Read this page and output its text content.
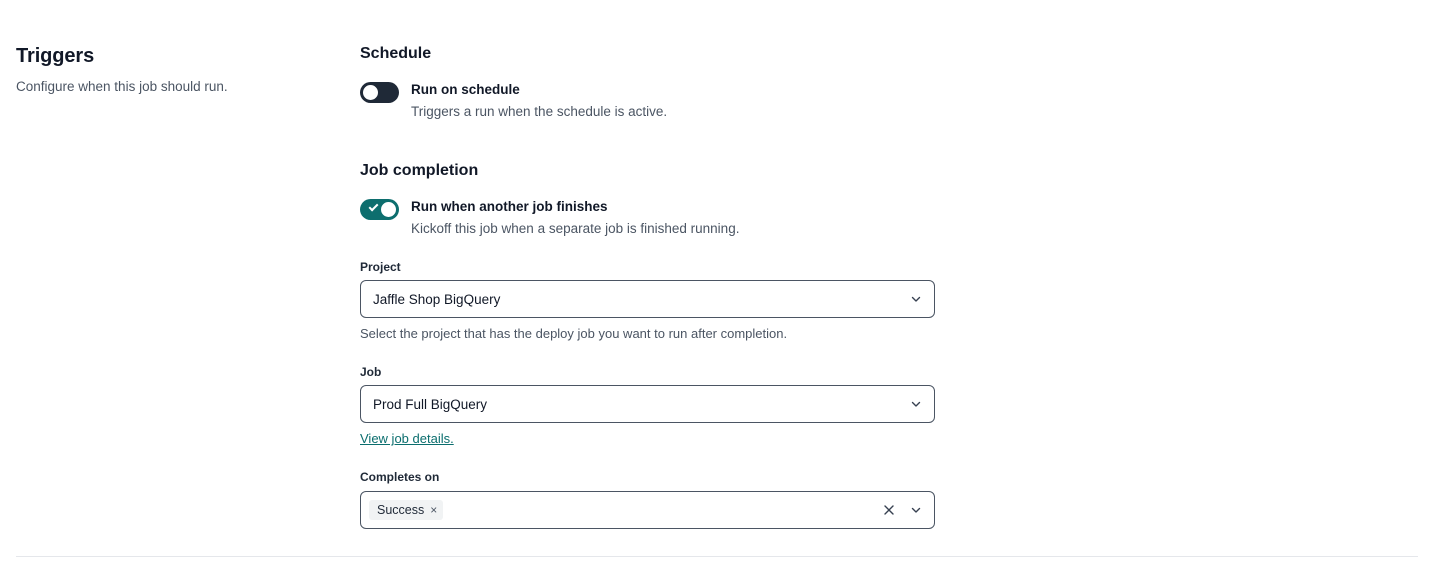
Triggers

Configure when this job should run.

Schedule

Run on schedule

Triggers a run when the schedule is active.

Job completion

Run when another job finishes

Kickoff this job when a separate job is finished running.

Project

Jaffle Shop BigQuery

Select the project that has the deploy job you want to run after completion.

Job

Prod Full BigQuery
View job details.

Completes on

Success ×
